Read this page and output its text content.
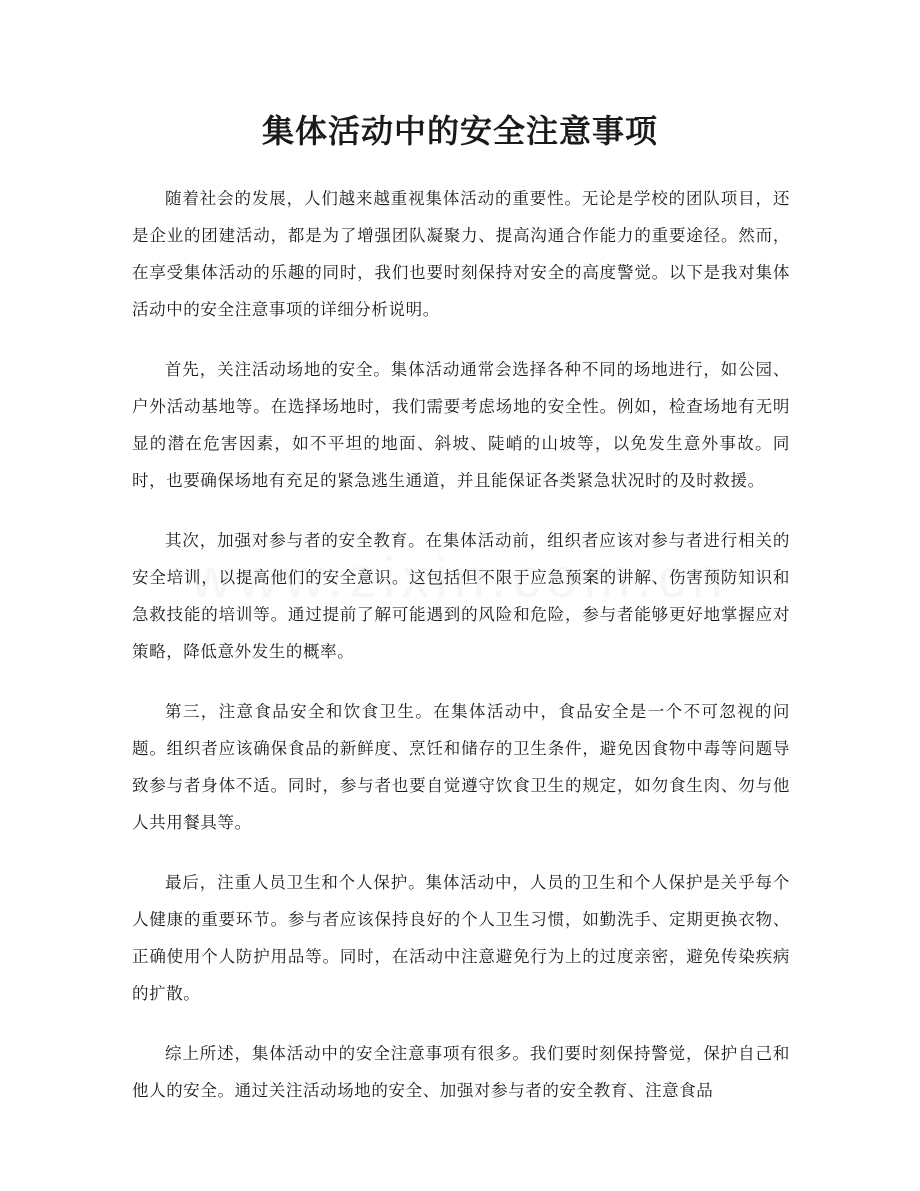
集体活动中的安全注意事项

随着社会的发展，人们越来越重视集体活动的重要性。无论是学校的团队项目，还是企业的团建活动，都是为了增强团队凝聚力、提高沟通合作能力的重要途径。然而，在享受集体活动的乐趣的同时，我们也要时刻保持对安全的高度警觉。以下是我对集体活动中的安全注意事项的详细分析说明。

首先，关注活动场地的安全。集体活动通常会选择各种不同的场地进行，如公园、户外活动基地等。在选择场地时，我们需要考虑场地的安全性。例如，检查场地有无明显的潜在危害因素，如不平坦的地面、斜坡、陡峭的山坡等，以免发生意外事故。同时，也要确保场地有充足的紧急逃生通道，并且能保证各类紧急状况时的及时救援。

其次，加强对参与者的安全教育。在集体活动前，组织者应该对参与者进行相关的安全培训，以提高他们的安全意识。这包括但不限于应急预案的讲解、伤害预防知识和急救技能的培训等。通过提前了解可能遇到的风险和危险，参与者能够更好地掌握应对策略，降低意外发生的概率。

第三，注意食品安全和饮食卫生。在集体活动中，食品安全是一个不可忽视的问题。组织者应该确保食品的新鲜度、烹饪和储存的卫生条件，避免因食物中毒等问题导致参与者身体不适。同时，参与者也要自觉遵守饮食卫生的规定，如勿食生肉、勿与他人共用餐具等。

最后，注重人员卫生和个人保护。集体活动中，人员的卫生和个人保护是关乎每个人健康的重要环节。参与者应该保持良好的个人卫生习惯，如勤洗手、定期更换衣物、正确使用个人防护用品等。同时，在活动中注意避免行为上的过度亲密，避免传染疾病的扩散。

综上所述，集体活动中的安全注意事项有很多。我们要时刻保持警觉，保护自己和他人的安全。通过关注活动场地的安全、加强对参与者的安全教育、注意食品
